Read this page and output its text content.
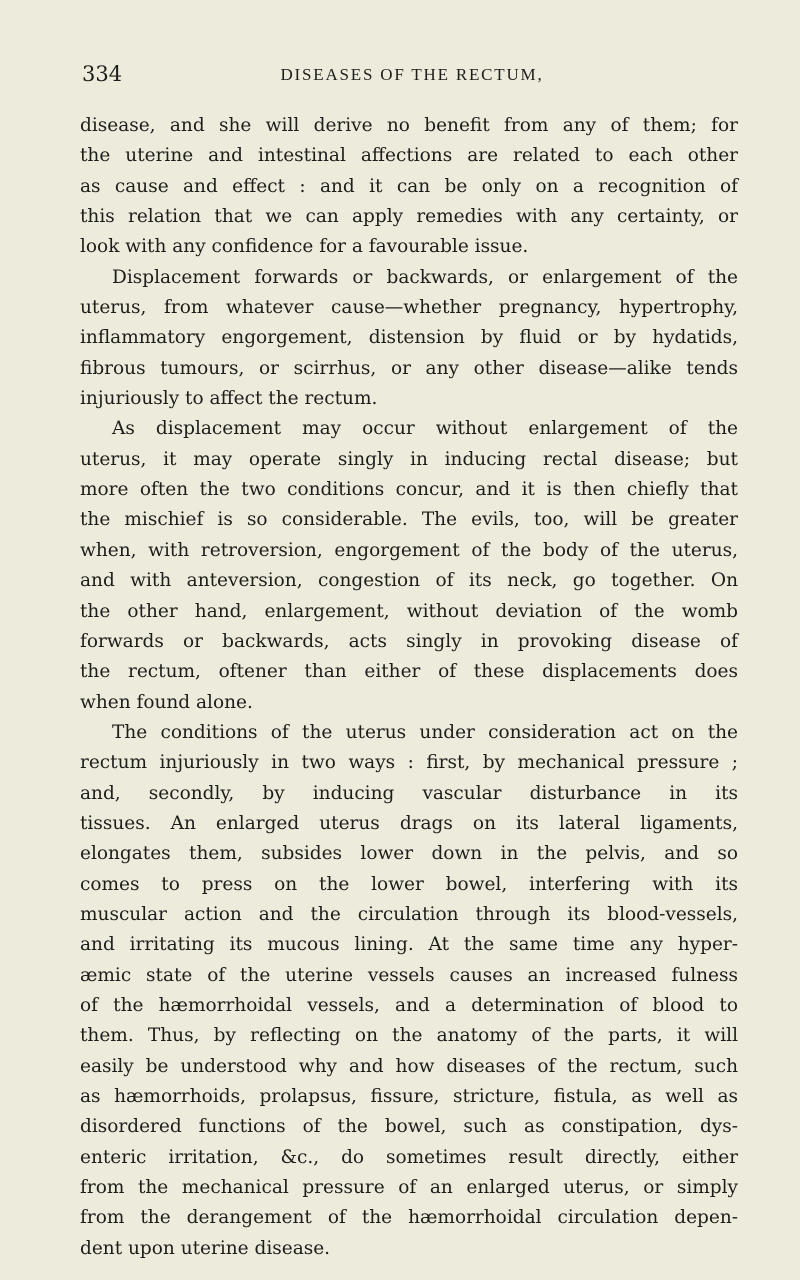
334	DISEASES OF THE RECTUM,
disease, and she will derive no benefit from any of them; for
the uterine and intestinal affections are related to each other
as cause and effect : and it can be only on a recognition of
this relation that we can apply remedies with any certainty, or
look with any confidence for a favourable issue.
Displacement forwards or backwards, or enlargement of the
uterus, from whatever cause—whether pregnancy, hypertrophy,
inflammatory engorgement, distension by fluid or by hydatids,
fibrous tumours, or scirrhus, or any other disease—alike tends
injuriously to affect the rectum.
As displacement may occur without enlargement of the
uterus, it may operate singly in inducing rectal disease; but
more often the two conditions concur, and it is then chiefly that
the mischief is so considerable. The evils, too, will be greater
when, with retroversion, engorgement of the body of the uterus,
and with anteversion, congestion of its neck, go together. On
the other hand, enlargement, without deviation of the womb
forwards or backwards, acts singly in provoking disease of
the rectum, oftener than either of these displacements does
when found alone.
The conditions of the uterus under consideration act on the
rectum injuriously in two ways : first, by mechanical pressure ;
and, secondly, by inducing vascular disturbance in its
tissues. An enlarged uterus drags on its lateral ligaments,
elongates them, subsides lower down in the pelvis, and so
comes to press on the lower bowel, interfering with its
muscular action and the circulation through its blood-vessels,
and irritating its mucous lining. At the same time any hyper-
æmic state of the uterine vessels causes an increased fulness
of the hæmorrhoidal vessels, and a determination of blood to
them. Thus, by reflecting on the anatomy of the parts, it will
easily be understood why and how diseases of the rectum, such
as hæmorrhoids, prolapsus, fissure, stricture, fistula, as well as
disordered functions of the bowel, such as constipation, dys-
enteric irritation, &c., do sometimes result directly, either
from the mechanical pressure of an enlarged uterus, or simply
from the derangement of the hæmorrhoidal circulation depen-
dent upon uterine disease.
